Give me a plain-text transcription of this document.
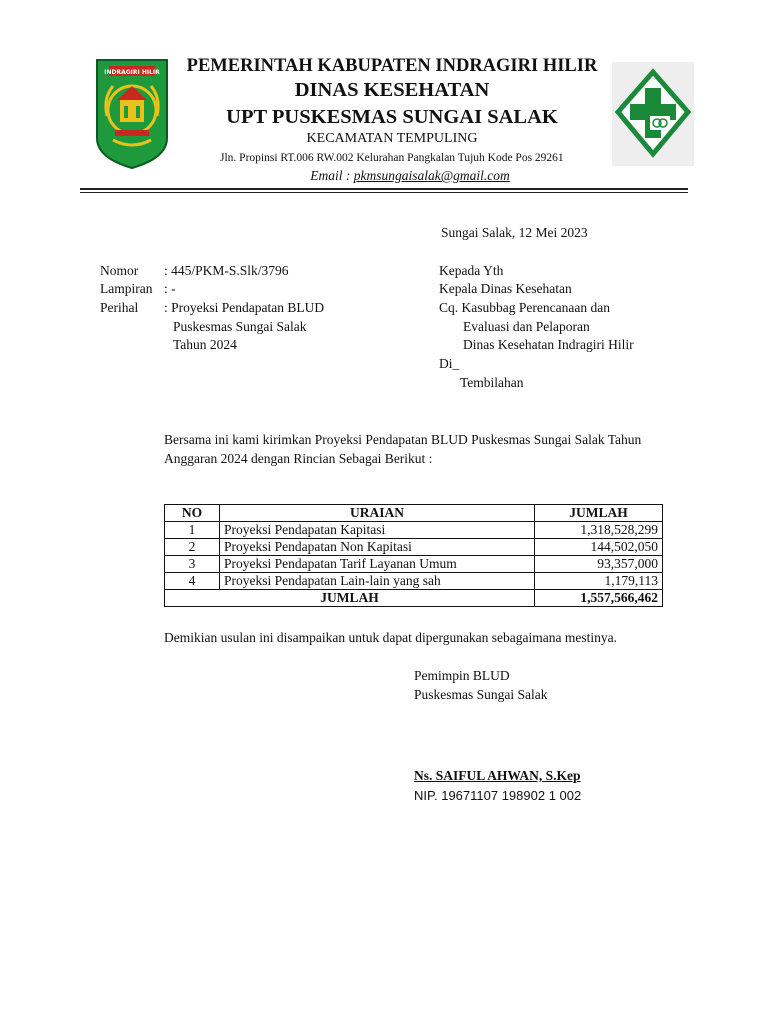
INDRAGIRI HILIR	PEMERINTAH KABUPATEN INDRAGIRI HILIR
DINAS KESEHATAN
UPT PUSKESMAS SUNGAI SALAK
KECAMATAN TEMPULING
Jln. Propinsi RT.006 RW.002 Kelurahan Pangkalan Tujuh Kode Pos 29261
Email : pkmsungaisalak@gmail.com
Sungai Salak, 12 Mei 2023
Nomor : 445/PKM-S.Slk/3796
Lampiran : -
Perihal : Proyeksi Pendapatan BLUD
Puskesmas Sungai Salak
Tahun 2024
Kepada Yth
Kepala Dinas Kesehatan
Cq. Kasubbag Perencanaan dan
Evaluasi dan Pelaporan
Dinas Kesehatan Indragiri Hilir
Di_
Tembilahan
Bersama ini kami kirimkan Proyeksi Pendapatan BLUD Puskesmas Sungai Salak Tahun
Anggaran 2024 dengan Rincian Sebagai Berikut :
NO	URAIAN	JUMLAH
1	Proyeksi Pendapatan Kapitasi	1,318,528,299
2	Proyeksi Pendapatan Non Kapitasi	144,502,050
3	Proyeksi Pendapatan Tarif Layanan Umum	93,357,000
4	Proyeksi Pendapatan Lain-lain yang sah	1,179,113
JUMLAH		1,557,566,462
Demikian usulan ini disampaikan untuk dapat dipergunakan sebagaimana mestinya.
Pemimpin BLUD
Puskesmas Sungai Salak
Ns. SAIFUL AHWAN, S.Kep
NIP. 19671107 198902 1 002
